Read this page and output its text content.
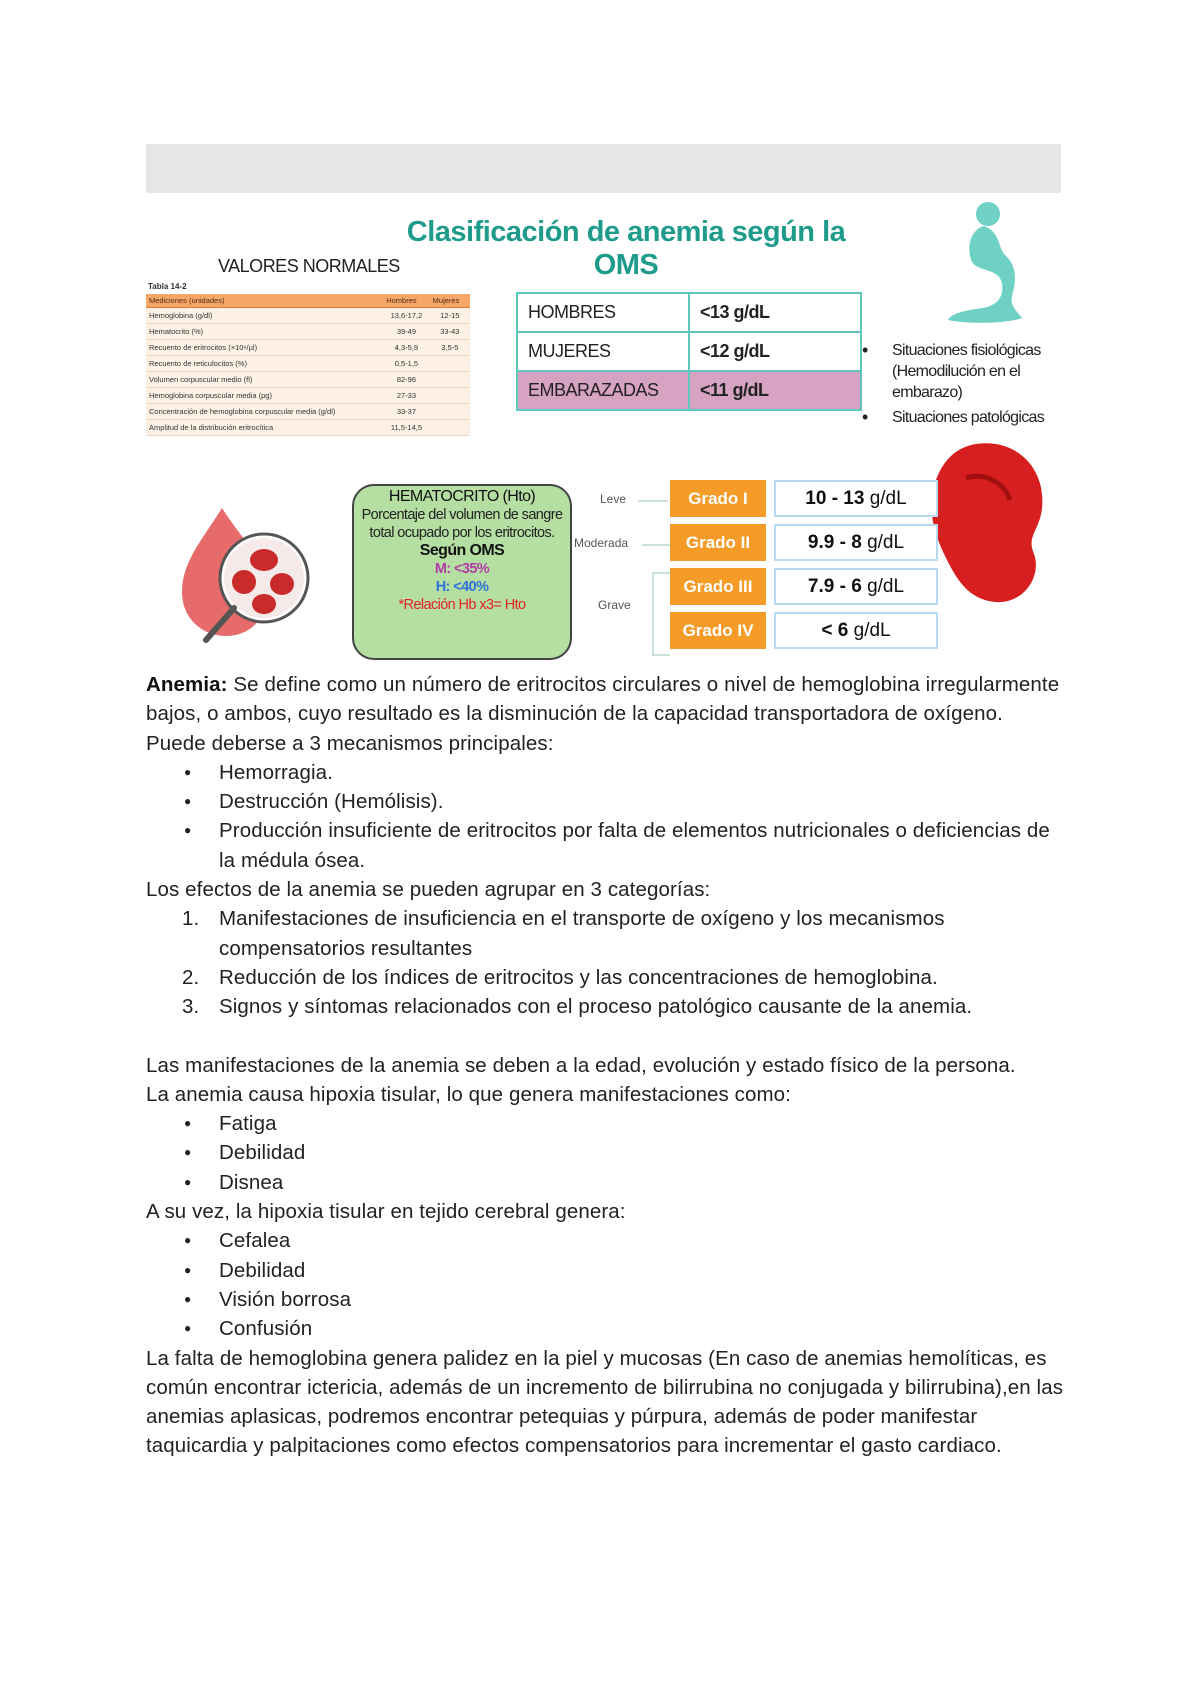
Clasificación de anemia según la OMS
VALORES NORMALES
Tabla 14-2
Mediciones (unidades)	Hombres	Mujeres
Hemoglobina (g/dl)	13,6-17,2	12-15
Hematocrito (%)	39-49	33-43
Recuento de eritrocitos (×10⁶/µl)	4,3-5,9	3,5-5
Recuento de reticulocitos (%)	0,5-1,5	
Volumen corpuscular medio (fl)	82-96	
Hemoglobina corpuscular media (pg)	27-33	
Concentración de hemoglobina corpuscular media (g/dl)	33-37	
Amplitud de la distribución eritrocítica	11,5-14,5	
HOMBRES	<13 g/dL
MUJERES	<12 g/dL
EMBARAZADAS	<11 g/dL
• Situaciones fisiológicas (Hemodilución en el embarazo)
• Situaciones patológicas
HEMATOCRITO (Hto)
Porcentaje del volumen de sangre total ocupado por los eritrocitos.
Según OMS
M: <35%
H: <40%
*Relación Hb x3= Hto
Leve
Moderada
Grave
Grado I	10 - 13 g/dL
Grado II	9.9 - 8 g/dL
Grado III	7.9 - 6 g/dL
Grado IV	< 6 g/dL

Anemia: Se define como un número de eritrocitos circulares o nivel de hemoglobina irregularmente bajos, o ambos, cuyo resultado es la disminución de la capacidad transportadora de oxígeno. Puede deberse a 3 mecanismos principales:

● Hemorragia.
● Destrucción (Hemólisis).
● Producción insuficiente de eritrocitos por falta de elementos nutricionales o deficiencias de la médula ósea.

Los efectos de la anemia se pueden agrupar en 3 categorías:

1. Manifestaciones de insuficiencia en el transporte de oxígeno y los mecanismos compensatorios resultantes
2. Reducción de los índices de eritrocitos y las concentraciones de hemoglobina.
3. Signos y síntomas relacionados con el proceso patológico causante de la anemia.

Las manifestaciones de la anemia se deben a la edad, evolución y estado físico de la persona.

La anemia causa hipoxia tisular, lo que genera manifestaciones como:

● Fatiga
● Debilidad
● Disnea

A su vez, la hipoxia tisular en tejido cerebral genera:

● Cefalea
● Debilidad
● Visión borrosa
● Confusión

La falta de hemoglobina genera palidez en la piel y mucosas (En caso de anemias hemolíticas, es común encontrar ictericia, además de un incremento de bilirrubina no conjugada y bilirrubina),en las anemias aplasicas, podremos encontrar petequias y púrpura, además de poder manifestar taquicardia y palpitaciones como efectos compensatorios para incrementar el gasto cardiaco.
